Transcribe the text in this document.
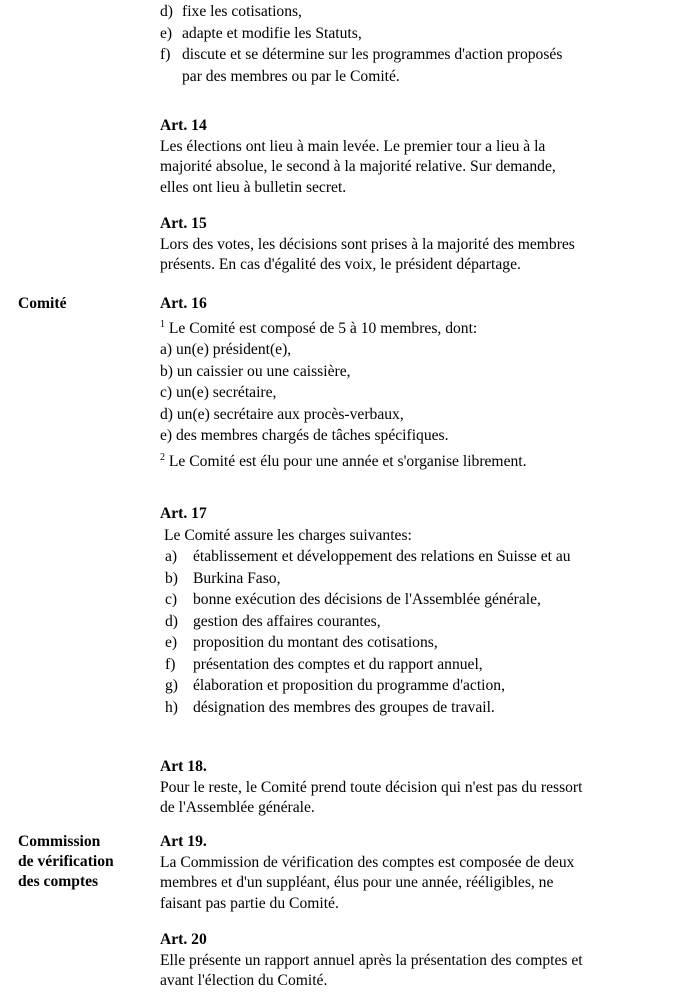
d) fixe les cotisations,
e) adapte et modifie les Statuts,
f) discute et se détermine sur les programmes d'action proposés
par des membres ou par le Comité.
Art. 14
Les élections ont lieu à main levée. Le premier tour a lieu à la
majorité absolue, le second à la majorité relative. Sur demande,
elles ont lieu à bulletin secret.
Art. 15
Lors des votes, les décisions sont prises à la majorité des membres
présents. En cas d'égalité des voix, le président départage.
Comité	Art. 16
$^1$ Le Comité est composé de 5 à 10 membres, dont:
a) un(e) président(e),
b) un caissier ou une caissière,
c) un(e) secrétaire,
d) un(e) secrétaire aux procès-verbaux,
e) des membres chargés de tâches spécifiques.
$^2$ Le Comité est élu pour une année et s'organise librement.
Art. 17
Le Comité assure les charges suivantes:
a) établissement et développement des relations en Suisse et au
b) Burkina Faso,
c) bonne exécution des décisions de l'Assemblée générale,
d) gestion des affaires courantes,
e) proposition du montant des cotisations,
f) présentation des comptes et du rapport annuel,
g) élaboration et proposition du programme d'action,
h) désignation des membres des groupes de travail.
Art 18.
Pour le reste, le Comité prend toute décision qui n'est pas du ressort
de l'Assemblée générale.
Commission
de vérification
des comptes
Art 19.
La Commission de vérification des comptes est composée de deux
membres et d'un suppléant, élus pour une année, rééligibles, ne
faisant pas partie du Comité.
Art. 20
Elle présente un rapport annuel après la présentation des comptes et
avant l'élection du Comité.
